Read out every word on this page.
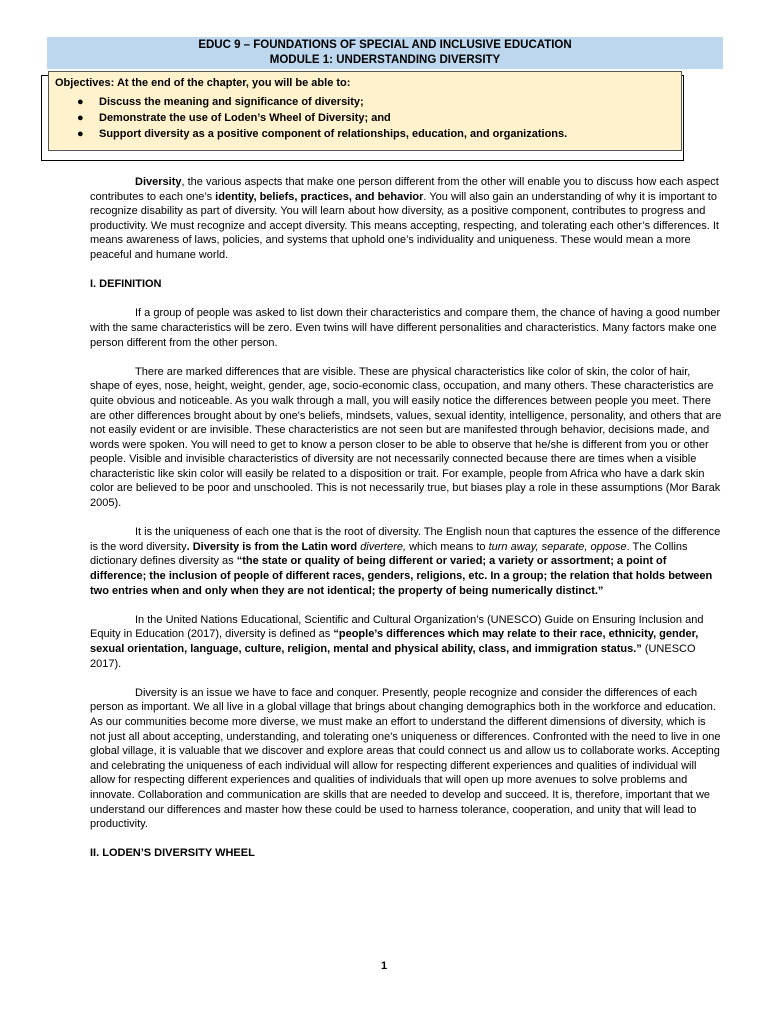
EDUC 9 – FOUNDATIONS OF SPECIAL AND INCLUSIVE EDUCATION
MODULE 1: UNDERSTANDING DIVERSITY
Objectives: At the end of the chapter, you will be able to:
● Discuss the meaning and significance of diversity;
● Demonstrate the use of Loden’s Wheel of Diversity; and
● Support diversity as a positive component of relationships, education, and organizations.

Diversity, the various aspects that make one person different from the other will enable you to discuss how each aspect contributes to each one’s identity, beliefs, practices, and behavior. You will also gain an understanding of why it is important to recognize disability as part of diversity. You will learn about how diversity, as a positive component, contributes to progress and productivity. We must recognize and accept diversity. This means accepting, respecting, and tolerating each other’s differences. It means awareness of laws, policies, and systems that uphold one’s individuality and uniqueness. These would mean a more peaceful and humane world.

I. DEFINITION

If a group of people was asked to list down their characteristics and compare them, the chance of having a good number with the same characteristics will be zero. Even twins will have different personalities and characteristics. Many factors make one person different from the other person.

There are marked differences that are visible. These are physical characteristics like color of skin, the color of hair, shape of eyes, nose, height, weight, gender, age, socio-economic class, occupation, and many others. These characteristics are quite obvious and noticeable. As you walk through a mall, you will easily notice the differences between people you meet. There are other differences brought about by one's beliefs, mindsets, values, sexual identity, intelligence, personality, and others that are not easily evident or are invisible. These characteristics are not seen but are manifested through behavior, decisions made, and words were spoken. You will need to get to know a person closer to be able to observe that he/she is different from you or other people. Visible and invisible characteristics of diversity are not necessarily connected because there are times when a visible characteristic like skin color will easily be related to a disposition or trait. For example, people from Africa who have a dark skin color are believed to be poor and unschooled. This is not necessarily true, but biases play a role in these assumptions (Mor Barak 2005).

It is the uniqueness of each one that is the root of diversity. The English noun that captures the essence of the difference is the word diversity. Diversity is from the Latin word divertere, which means to turn away, separate, oppose. The Collins dictionary defines diversity as “the state or quality of being different or varied; a variety or assortment; a point of difference; the inclusion of people of different races, genders, religions, etc. In a group; the relation that holds between two entries when and only when they are not identical; the property of being numerically distinct.”

In the United Nations Educational, Scientific and Cultural Organization’s (UNESCO) Guide on Ensuring Inclusion and Equity in Education (2017), diversity is defined as “people’s differences which may relate to their race, ethnicity, gender, sexual orientation, language, culture, religion, mental and physical ability, class, and immigration status.” (UNESCO 2017).

Diversity is an issue we have to face and conquer. Presently, people recognize and consider the differences of each person as important. We all live in a global village that brings about changing demographics both in the workforce and education. As our communities become more diverse, we must make an effort to understand the different dimensions of diversity, which is not just all about accepting, understanding, and tolerating one's uniqueness or differences. Confronted with the need to live in one global village, it is valuable that we discover and explore areas that could connect us and allow us to collaborate works. Accepting and celebrating the uniqueness of each individual will allow for respecting different experiences and qualities of individual will allow for respecting different experiences and qualities of individuals that will open up more avenues to solve problems and innovate. Collaboration and communication are skills that are needed to develop and succeed. It is, therefore, important that we understand our differences and master how these could be used to harness tolerance, cooperation, and unity that will lead to productivity.

II. LODEN’S DIVERSITY WHEEL
1
